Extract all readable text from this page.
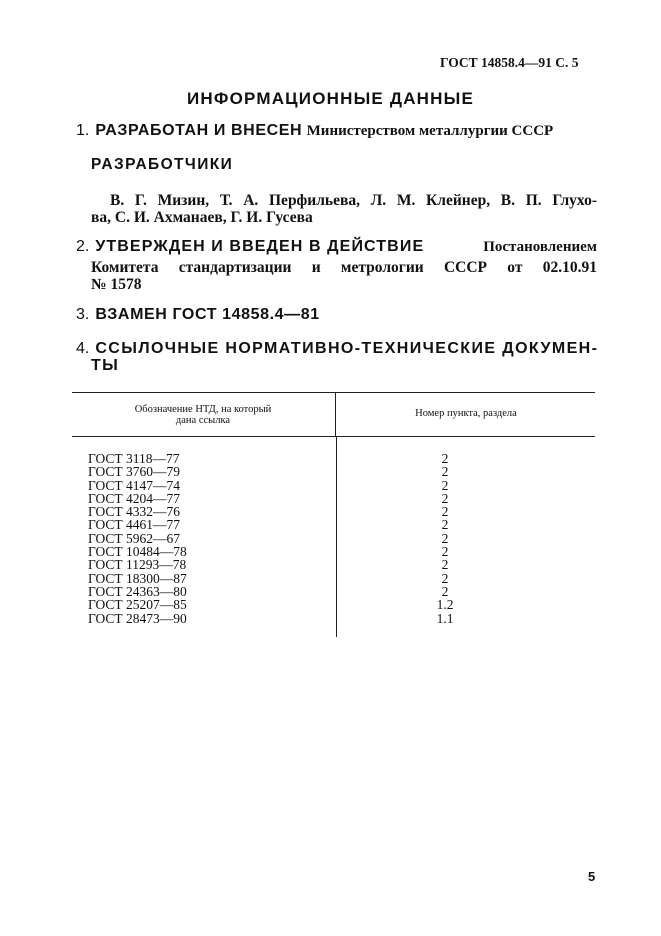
ГОСТ 14858.4—91 С. 5
ИНФОРМАЦИОННЫЕ ДАННЫЕ
1. РАЗРАБОТАН И ВНЕСЕН Министерством металлургии СССР
РАЗРАБОТЧИКИ
В. Г. Мизин, Т. А. Перфильева, Л. М. Клейнер, В. П. Глухо-
ва, С. И. Ахманаев, Г. И. Гусева
2. УТВЕРЖДЕН И ВВЕДЕН В ДЕЙСТВИЕ	Постановлением
Комитета стандартизации и метрологии СССР от 02.10.91
№ 1578
3. ВЗАМЕН ГОСТ 14858.4—81
4. ССЫЛОЧНЫЕ НОРМАТИВНО-ТЕХНИЧЕСКИЕ ДОКУМЕН-
ТЫ
Обозначение НТД, на который
дана ссылка
Номер пункта, раздела
ГОСТ 3118—77
ГОСТ 3760—79
ГОСТ 4147—74
ГОСТ 4204—77
ГОСТ 4332—76
ГОСТ 4461—77
ГОСТ 5962—67
ГОСТ 10484—78
ГОСТ 11293—78
ГОСТ 18300—87
ГОСТ 24363—80
ГОСТ 25207—85
ГОСТ 28473—90
2
2
2
2
2
2
2
2
2
2
2
1.2
1.1
5
